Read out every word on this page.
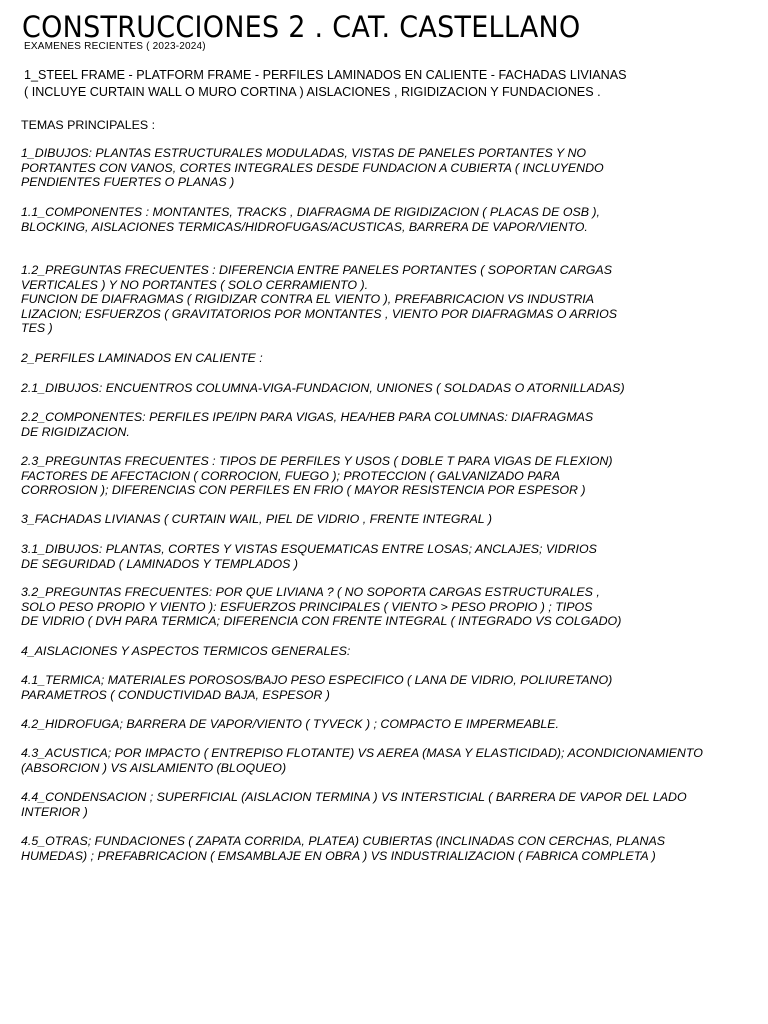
CONSTRUCCIONES 2 . CAT. CASTELLANO
EXAMENES RECIENTES ( 2023-2024)
1_STEEL FRAME - PLATFORM FRAME - PERFILES LAMINADOS EN CALIENTE - FACHADAS LIVIANAS
( INCLUYE CURTAIN WALL O MURO CORTINA ) AISLACIONES , RIGIDIZACION Y FUNDACIONES .
TEMAS PRINCIPALES :
1_DIBUJOS: PLANTAS ESTRUCTURALES MODULADAS, VISTAS DE PANELES PORTANTES Y NO
PORTANTES CON VANOS, CORTES INTEGRALES DESDE FUNDACION A CUBIERTA ( INCLUYENDO
PENDIENTES FUERTES O PLANAS )
1.1_COMPONENTES : MONTANTES, TRACKS , DIAFRAGMA DE RIGIDIZACION ( PLACAS DE OSB ),
BLOCKING, AISLACIONES TERMICAS/HIDROFUGAS/ACUSTICAS, BARRERA DE VAPOR/VIENTO.
1.2_PREGUNTAS FRECUENTES : DIFERENCIA ENTRE PANELES PORTANTES ( SOPORTAN CARGAS
VERTICALES ) Y NO PORTANTES ( SOLO CERRAMIENTO ).
FUNCION DE DIAFRAGMAS ( RIGIDIZAR CONTRA EL VIENTO ), PREFABRICACION VS INDUSTRIA
LIZACION; ESFUERZOS ( GRAVITATORIOS POR MONTANTES , VIENTO POR DIAFRAGMAS O ARRIOS
TES )
2_PERFILES LAMINADOS EN CALIENTE :
2.1_DIBUJOS: ENCUENTROS COLUMNA-VIGA-FUNDACION, UNIONES ( SOLDADAS O ATORNILLADAS)
2.2_COMPONENTES: PERFILES IPE/IPN PARA VIGAS, HEA/HEB PARA COLUMNAS: DIAFRAGMAS
DE RIGIDIZACION.
2.3_PREGUNTAS FRECUENTES : TIPOS DE PERFILES Y USOS ( DOBLE T PARA VIGAS DE FLEXION)
FACTORES DE AFECTACION ( CORROCION, FUEGO ); PROTECCION ( GALVANIZADO PARA
CORROSION ); DIFERENCIAS CON PERFILES EN FRIO ( MAYOR RESISTENCIA POR ESPESOR )
3_FACHADAS LIVIANAS ( CURTAIN WAIL, PIEL DE VIDRIO , FRENTE INTEGRAL )
3.1_DIBUJOS: PLANTAS, CORTES Y VISTAS ESQUEMATICAS ENTRE LOSAS; ANCLAJES; VIDRIOS
DE SEGURIDAD ( LAMINADOS Y TEMPLADOS )
3.2_PREGUNTAS FRECUENTES: POR QUE LIVIANA ? ( NO SOPORTA CARGAS ESTRUCTURALES ,
SOLO PESO PROPIO Y VIENTO ): ESFUERZOS PRINCIPALES ( VIENTO > PESO PROPIO ) ; TIPOS
DE VIDRIO ( DVH PARA TERMICA; DIFERENCIA CON FRENTE INTEGRAL ( INTEGRADO VS COLGADO)
4_AISLACIONES Y ASPECTOS TERMICOS GENERALES:
4.1_TERMICA; MATERIALES POROSOS/BAJO PESO ESPECIFICO ( LANA DE VIDRIO, POLIURETANO)
PARAMETROS ( CONDUCTIVIDAD BAJA, ESPESOR )
4.2_HIDROFUGA; BARRERA DE VAPOR/VIENTO ( TYVECK ) ; COMPACTO E IMPERMEABLE.
4.3_ACUSTICA; POR IMPACTO ( ENTREPISO FLOTANTE) VS AEREA (MASA Y ELASTICIDAD); ACONDICIONAMIENTO
(ABSORCION ) VS AISLAMIENTO (BLOQUEO)
4.4_CONDENSACION ; SUPERFICIAL (AISLACION TERMINA ) VS INTERSTICIAL ( BARRERA DE VAPOR DEL LADO
INTERIOR )
4.5_OTRAS; FUNDACIONES ( ZAPATA CORRIDA, PLATEA) CUBIERTAS (INCLINADAS CON CERCHAS, PLANAS
HUMEDAS) ; PREFABRICACION ( EMSAMBLAJE EN OBRA ) VS INDUSTRIALIZACION ( FABRICA COMPLETA )
